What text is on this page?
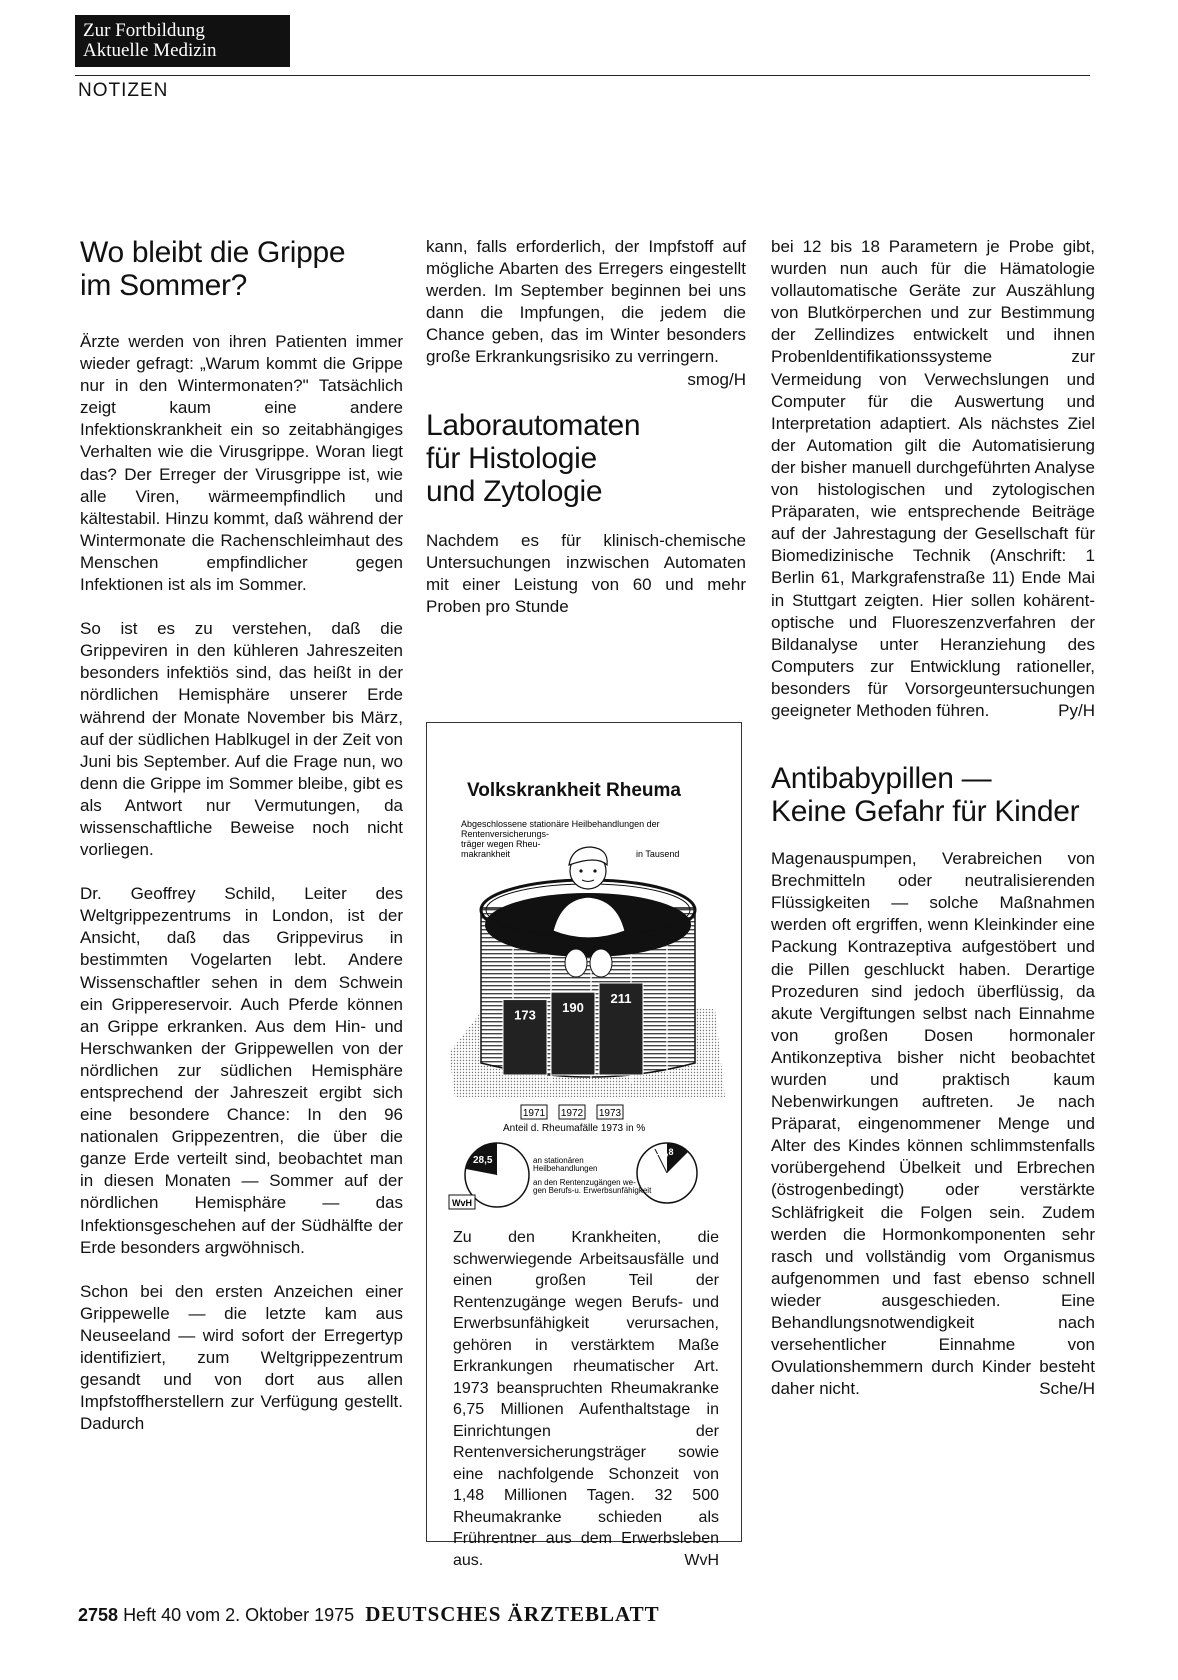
Zur Fortbildung
Aktuelle Medizin
NOTIZEN
Wo bleibt die Grippe
im Sommer?

Ärzte werden von ihren Patienten immer wieder gefragt: „Warum kommt die Grippe nur in den Wintermonaten?" Tatsächlich zeigt kaum eine andere Infektionskrankheit ein so zeitabhängiges Verhalten wie die Virusgrippe. Woran liegt das? Der Erreger der Virusgrippe ist, wie alle Viren, wärmeempfindlich und kältestabil. Hinzu kommt, daß während der Wintermonate die Rachenschleimhaut des Menschen empfindlicher gegen Infektionen ist als im Sommer.

So ist es zu verstehen, daß die Grippeviren in den kühleren Jahreszeiten besonders infektiös sind, das heißt in der nördlichen Hemisphäre unserer Erde während der Monate November bis März, auf der südlichen Hablkugel in der Zeit von Juni bis September. Auf die Frage nun, wo denn die Grippe im Sommer bleibe, gibt es als Antwort nur Vermutungen, da wissenschaftliche Beweise noch nicht vorliegen.

Dr. Geoffrey Schild, Leiter des Weltgrippezentrums in London, ist der Ansicht, daß das Grippevirus in bestimmten Vogelarten lebt. Andere Wissenschaftler sehen in dem Schwein ein Grippereservoir. Auch Pferde können an Grippe erkranken. Aus dem Hin- und Herschwanken der Grippewellen von der nördlichen zur südlichen Hemisphäre entsprechend der Jahreszeit ergibt sich eine besondere Chance: In den 96 nationalen Grippezentren, die über die ganze Erde verteilt sind, beobachtet man in diesen Monaten — Sommer auf der nördlichen Hemisphäre — das Infektionsgeschehen auf der Südhälfte der Erde besonders argwöhnisch.

Schon bei den ersten Anzeichen einer Grippewelle — die letzte kam aus Neuseeland — wird sofort der Erregertyp identifiziert, zum Weltgrippezentrum gesandt und von dort aus allen Impfstoffherstellern zur Verfügung gestellt. Dadurch

kann, falls erforderlich, der Impfstoff auf mögliche Abarten des Erregers eingestellt werden. Im September beginnen bei uns dann die Impfungen, die jedem die Chance geben, das im Winter besonders große Erkrankungsrisiko zu verringern.
smog/H

Laborautomaten
für Histologie
und Zytologie

Nachdem es für klinisch-chemische Untersuchungen inzwischen Automaten mit einer Leistung von 60 und mehr Proben pro Stunde

Volkskrankheit Rheuma
Abgeschlossene stationäre Heilbehandlungen der
Rentenversicherungs-
träger wegen Rheu-
makrankheit	in Tausend
173 190
211
1971 1972 1973
Anteil d. Rheumafälle 1973 in %
28,5	an stationären
Heilbehandlungen
12,8
an den Rentenzugängen we-
gen Berufs-u. Erwerbsunfähigkeit
WvH
Zu den Krankheiten, die schwerwiegende Arbeitsausfälle und einen großen Teil der Rentenzugänge wegen Berufs- und Erwerbsunfähigkeit verursachen, gehören in verstärktem Maße Erkrankungen rheumatischer Art. 1973 beanspruchten Rheumakranke 6,75 Millionen Aufenthaltstage in Einrichtungen der Rentenversicherungsträger sowie eine nachfolgende Schonzeit von 1,48 Millionen Tagen. 32 500 Rheumakranke schieden als Frührentner aus dem Erwerbsleben aus.	WvH

bei 12 bis 18 Parametern je Probe gibt, wurden nun auch für die Hämatologie vollautomatische Geräte zur Auszählung von Blutkörperchen und zur Bestimmung der Zellindizes entwickelt und ihnen Probenldentifikationssysteme zur Vermeidung von Verwechslungen und Computer für die Auswertung und Interpretation adaptiert. Als nächstes Ziel der Automation gilt die Automatisierung der bisher manuell durchgeführten Analyse von histologischen und zytologischen Präparaten, wie entsprechende Beiträge auf der Jahrestagung der Gesellschaft für Biomedizinische Technik (Anschrift: 1 Berlin 61, Markgrafenstraße 11) Ende Mai in Stuttgart zeigten. Hier sollen kohärent-optische und Fluoreszenzverfahren der Bildanalyse unter Heranziehung des Computers zur Entwicklung rationeller, besonders für Vorsorgeuntersuchungen geeigneter Methoden führen.	Py/H

Antibabypillen —
Keine Gefahr für Kinder

Magenauspumpen, Verabreichen von Brechmitteln oder neutralisierenden Flüssigkeiten — solche Maßnahmen werden oft ergriffen, wenn Kleinkinder eine Packung Kontrazeptiva aufgestöbert und die Pillen geschluckt haben. Derartige Prozeduren sind jedoch überflüssig, da akute Vergiftungen selbst nach Einnahme von großen Dosen hormonaler Antikonzeptiva bisher nicht beobachtet wurden und praktisch kaum Nebenwirkungen auftreten. Je nach Präparat, eingenommener Menge und Alter des Kindes können schlimmstenfalls vorübergehend Übelkeit und Erbrechen (östrogenbedingt) oder verstärkte Schläfrigkeit die Folgen sein. Zudem werden die Hormonkomponenten sehr rasch und vollständig vom Organismus aufgenommen und fast ebenso schnell wieder ausgeschieden. Eine Behandlungsnotwendigkeit nach versehentlicher Einnahme von Ovulationshemmern durch Kinder besteht daher nicht.	Sche/H

2758 Heft 40 vom 2. Oktober 1975 DEUTSCHES ÄRZTEBLATT
